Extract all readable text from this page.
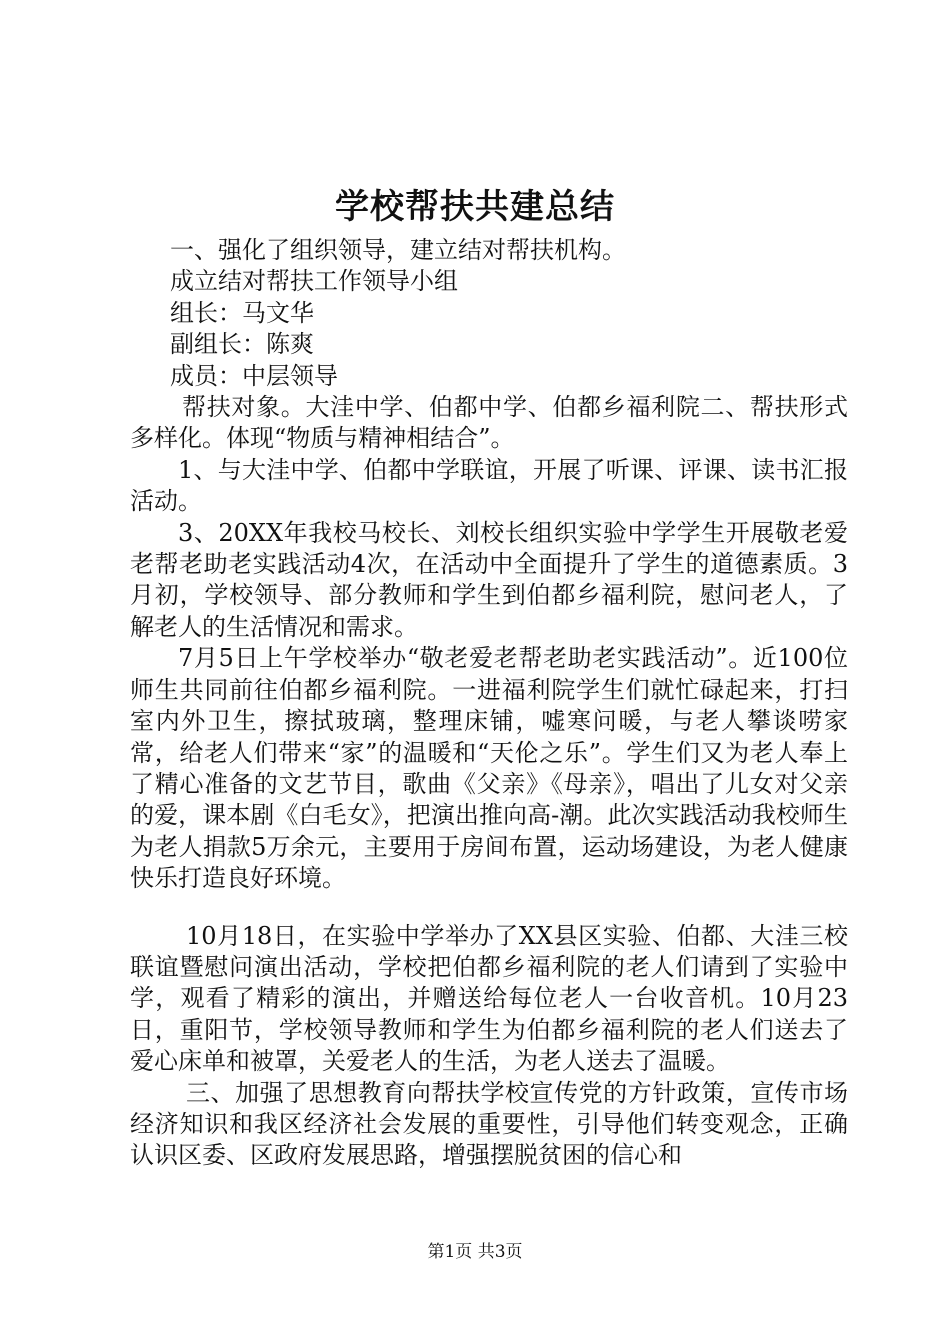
学校帮扶共建总结

一、强化了组织领导，建立结对帮扶机构。

成立结对帮扶工作领导小组

组长：马文华

副组长：陈爽

成员：中层领导

帮扶对象。大洼中学、伯都中学、伯都乡福利院二、帮扶形式多样化。体现“物质与精神相结合”。

1、与大洼中学、伯都中学联谊，开展了听课、评课、读书汇报活动。

3、20XX年我校马校长、刘校长组织实验中学学生开展敬老爱老帮老助老实践活动4次，在活动中全面提升了学生的道德素质。3月初，学校领导、部分教师和学生到伯都乡福利院，慰问老人，了解老人的生活情况和需求。

7月5日上午学校举办“敬老爱老帮老助老实践活动”。近100位师生共同前往伯都乡福利院。一进福利院学生们就忙碌起来，打扫室内外卫生，擦拭玻璃，整理床铺，嘘寒问暖，与老人攀谈唠家常，给老人们带来“家”的温暖和“天伦之乐”。学生们又为老人奉上了精心准备的文艺节目，歌曲《父亲》《母亲》，唱出了儿女对父亲的爱，课本剧《白毛女》，把演出推向高-潮。此次实践活动我校师生为老人捐款5万余元，主要用于房间布置，运动场建设，为老人健康快乐打造良好环境。

10月18日，在实验中学举办了XX县区实验、伯都、大洼三校联谊暨慰问演出活动，学校把伯都乡福利院的老人们请到了实验中学，观看了精彩的演出，并赠送给每位老人一台收音机。10月23日，重阳节，学校领导教师和学生为伯都乡福利院的老人们送去了爱心床单和被罩，关爱老人的生活，为老人送去了温暖。

三、加强了思想教育向帮扶学校宣传党的方针政策，宣传市场经济知识和我区经济社会发展的重要性，引导他们转变观念，正确认识区委、区政府发展思路，增强摆脱贫困的信心和

第1页 共3页
